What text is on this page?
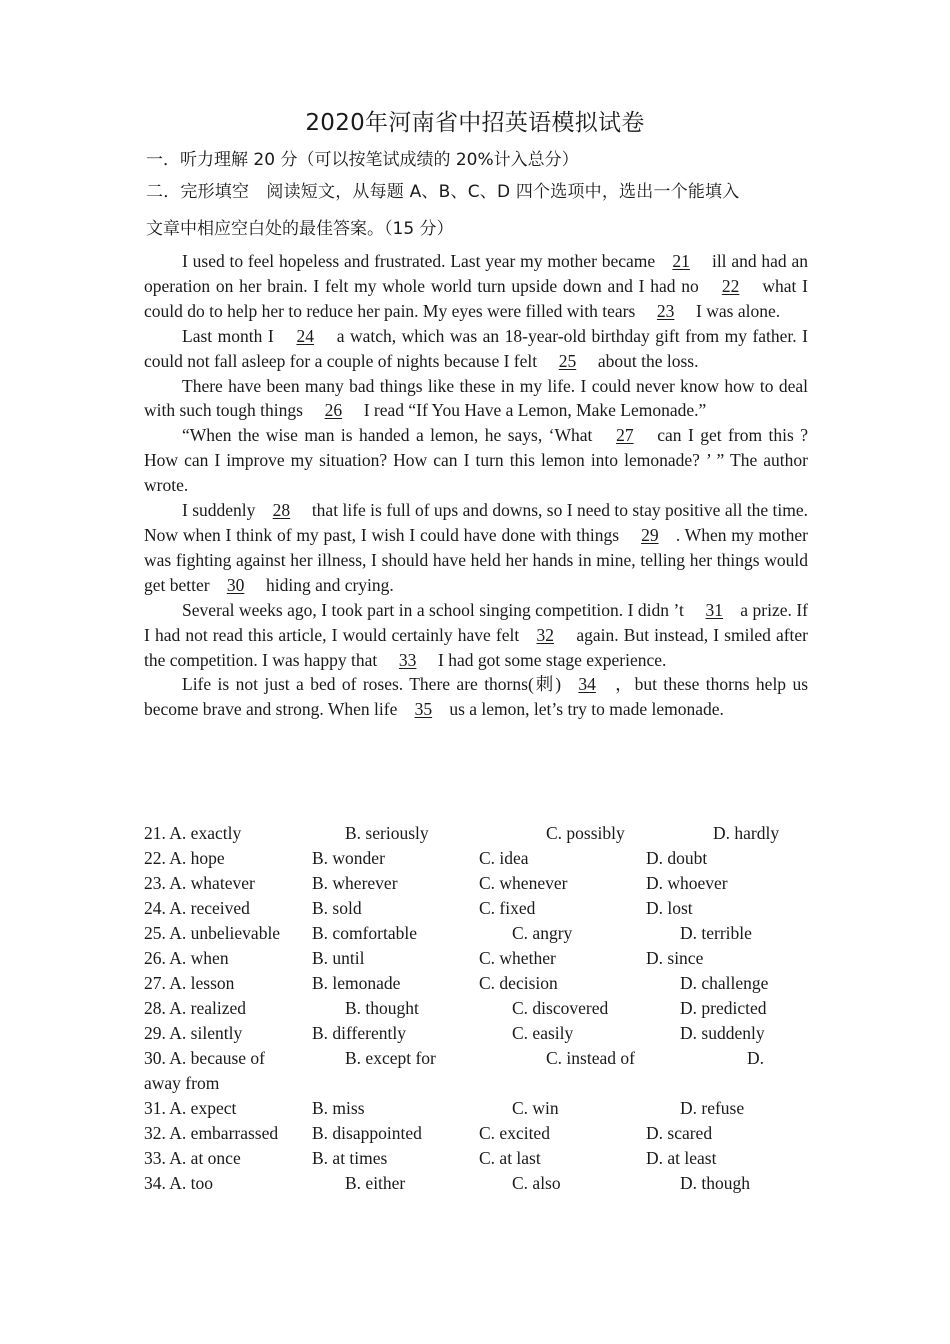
2020年河南省中招英语模拟试卷
一．听力理解 20 分（可以按笔试成绩的 20%计入总分）
二．完形填空　阅读短文，从每题 A、B、C、D 四个选项中，选出一个能填入
文章中相应空白处的最佳答案。（15 分）

I used to feel hopeless and frustrated. Last year my mother became 21 ill and had an operation on her brain. I felt my whole world turn upside down and I had no 22 what I could do to help her to reduce her pain. My eyes were filled with tears 23 I was alone.

Last month I 24 a watch, which was an 18-year-old birthday gift from my father. I could not fall asleep for a couple of nights because I felt 25 about the loss.

There have been many bad things like these in my life. I could never know how to deal with such tough things 26 I read “If You Have a Lemon, Make Lemonade.”

“When the wise man is handed a lemon, he says, ‘What 27 can I get from this ? How can I improve my situation? How can I turn this lemon into lemonade? ’ ” The author wrote.

I suddenly 28 that life is full of ups and downs, so I need to stay positive all the time. Now when I think of my past, I wish I could have done with things 29 . When my mother was fighting against her illness, I should have held her hands in mine, telling her things would get better 30 hiding and crying.

Several weeks ago, I took part in a school singing competition. I didn ’t 31 a prize. If I had not read this article, I would certainly have felt 32 again. But instead, I smiled after the competition. I was happy that 33 I had got some stage experience.

Life is not just a bed of roses. There are thorns(刺) 34 ，but these thorns help us become brave and strong. When life 35 us a lemon, let’s try to made lemonade.

21. A. exactly	B. seriously	C. possibly	D. hardly
22. A. hope	B. wonder	C. idea	D. doubt
23. A. whatever	B. wherever	C. whenever	D. whoever
24. A. received	B. sold	C. fixed	D. lost
25. A. unbelievable B. comfortable	C. angry	D. terrible
26. A. when	B. until	C. whether	D. since
27. A. lesson	B. lemonade	C. decision	D. challenge
28. A. realized	B. thought	C. discovered	D. predicted
29. A. silently	B. differently	C. easily	D. suddenly
30. A. because of	B. except for	C. instead of	D.
away from
31. A. expect	B. miss	C. win	D. refuse
32. A. embarrassed B. disappointed	C. excited	D. scared
33. A. at once	B. at times	C. at last	D. at least
34. A. too	B. either	C. also	D. though
